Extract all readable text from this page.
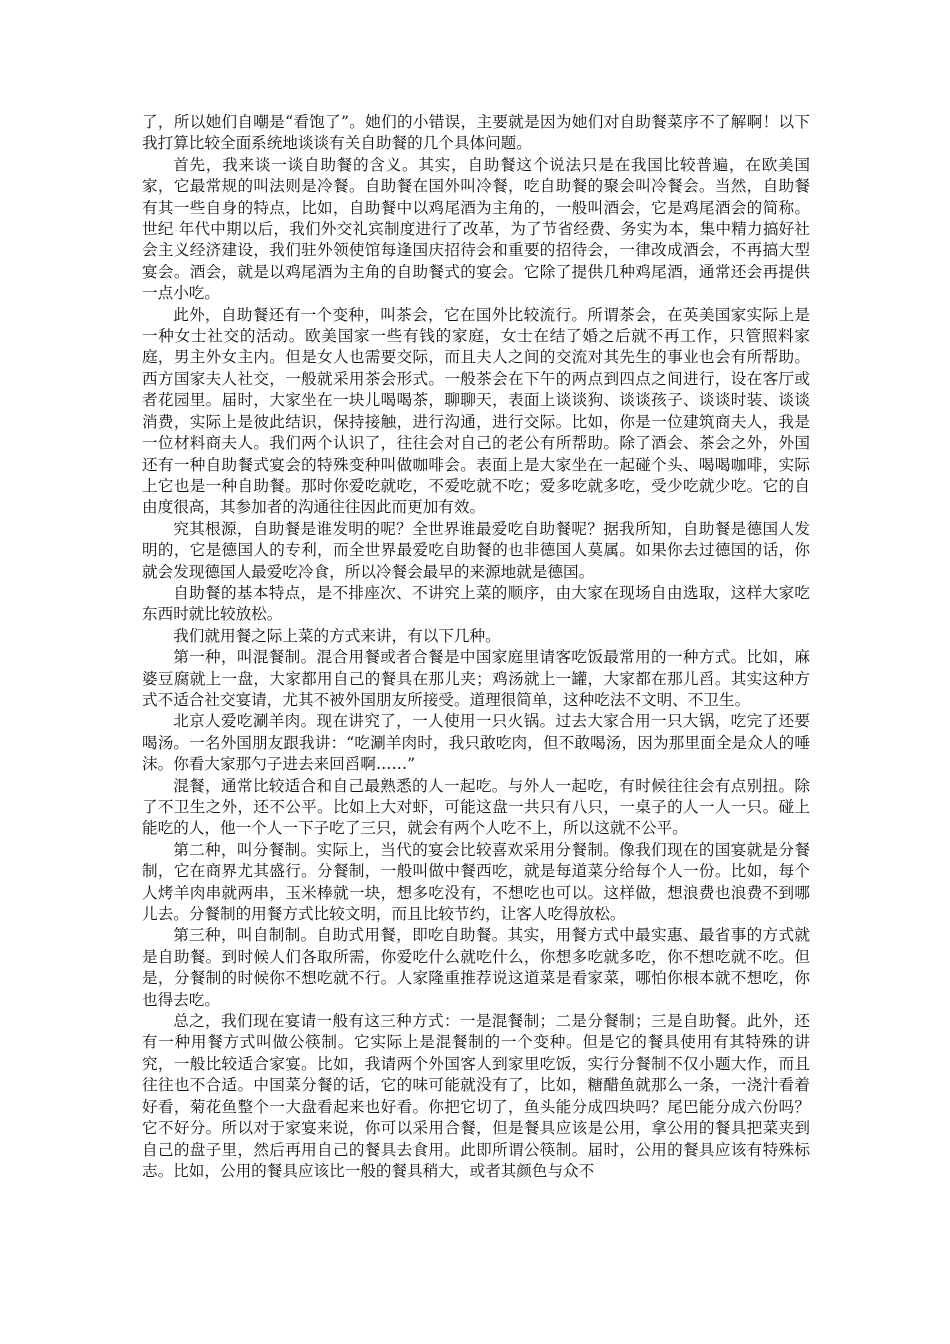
了，所以她们自嘲是“看饱了”。她们的小错误，主要就是因为她们对自助餐菜序不了解啊！以下我打算比较全面系统地谈谈有关自助餐的几个具体问题。

首先，我来谈一谈自助餐的含义。其实，自助餐这个说法只是在我国比较普遍，在欧美国家，它最常规的叫法则是冷餐。自助餐在国外叫冷餐，吃自助餐的聚会叫冷餐会。当然，自助餐有其一些自身的特点，比如，自助餐中以鸡尾酒为主角的，一般叫酒会，它是鸡尾酒会的简称。 世纪 年代中期以后，我们外交礼宾制度进行了改革，为了节省经费、务实为本，集中精力搞好社会主义经济建设，我们驻外领使馆每逢国庆招待会和重要的招待会，一律改成酒会，不再搞大型宴会。酒会，就是以鸡尾酒为主角的自助餐式的宴会。它除了提供几种鸡尾酒，通常还会再提供一点小吃。

此外，自助餐还有一个变种，叫茶会，它在国外比较流行。所谓茶会，在英美国家实际上是一种女士社交的活动。欧美国家一些有钱的家庭，女士在结了婚之后就不再工作，只管照料家庭，男主外女主内。但是女人也需要交际，而且夫人之间的交流对其先生的事业也会有所帮助。西方国家夫人社交，一般就采用茶会形式。一般茶会在下午的两点到四点之间进行，设在客厅或者花园里。届时，大家坐在一块儿喝喝茶，聊聊天，表面上谈谈狗、谈谈孩子、谈谈时装、谈谈消费，实际上是彼此结识，保持接触，进行沟通，进行交际。比如，你是一位建筑商夫人，我是一位材料商夫人。我们两个认识了，往往会对自己的老公有所帮助。除了酒会、茶会之外，外国还有一种自助餐式宴会的特殊变种叫做咖啡会。表面上是大家坐在一起碰个头、喝喝咖啡，实际上它也是一种自助餐。那时你爱吃就吃，不爱吃就不吃；爱多吃就多吃，受少吃就少吃。它的自由度很高，其参加者的沟通往往因此而更加有效。

究其根源，自助餐是谁发明的呢？全世界谁最爱吃自助餐呢？据我所知，自助餐是德国人发明的，它是德国人的专利，而全世界最爱吃自助餐的也非德国人莫属。如果你去过德国的话，你就会发现德国人最爱吃冷食，所以冷餐会最早的来源地就是德国。

自助餐的基本特点，是不排座次、不讲究上菜的顺序，由大家在现场自由选取，这样大家吃东西时就比较放松。

我们就用餐之际上菜的方式来讲，有以下几种。

第一种，叫混餐制。混合用餐或者合餐是中国家庭里请客吃饭最常用的一种方式。比如，麻婆豆腐就上一盘，大家都用自己的餐具在那儿夹；鸡汤就上一罐，大家都在那儿舀。其实这种方式不适合社交宴请，尤其不被外国朋友所接受。道理很简单，这种吃法不文明、不卫生。

北京人爱吃涮羊肉。现在讲究了，一人使用一只火锅。过去大家合用一只大锅，吃完了还要喝汤。一名外国朋友跟我讲：“吃涮羊肉时，我只敢吃肉，但不敢喝汤，因为那里面全是众人的唾沫。你看大家那勺子进去来回舀啊……”

混餐，通常比较适合和自己最熟悉的人一起吃。与外人一起吃，有时候往往会有点别扭。除了不卫生之外，还不公平。比如上大对虾，可能这盘一共只有八只，一桌子的人一人一只。碰上能吃的人，他一个人一下子吃了三只，就会有两个人吃不上，所以这就不公平。

第二种，叫分餐制。实际上，当代的宴会比较喜欢采用分餐制。像我们现在的国宴就是分餐制，它在商界尤其盛行。分餐制，一般叫做中餐西吃，就是每道菜分给每个人一份。比如，每个人烤羊肉串就两串，玉米棒就一块，想多吃没有，不想吃也可以。这样做，想浪费也浪费不到哪儿去。分餐制的用餐方式比较文明，而且比较节约，让客人吃得放松。

第三种，叫自制制。自助式用餐，即吃自助餐。其实，用餐方式中最实惠、最省事的方式就是自助餐。到时候人们各取所需，你爱吃什么就吃什么，你想多吃就多吃，你不想吃就不吃。但是，分餐制的时候你不想吃就不行。人家隆重推荐说这道菜是看家菜，哪怕你根本就不想吃，你也得去吃。

总之，我们现在宴请一般有这三种方式：一是混餐制；二是分餐制；三是自助餐。此外，还有一种用餐方式叫做公筷制。它实际上是混餐制的一个变种。但是它的餐具使用有其特殊的讲究，一般比较适合家宴。比如，我请两个外国客人到家里吃饭，实行分餐制不仅小题大作，而且往往也不合适。中国菜分餐的话，它的味可能就没有了，比如，糖醋鱼就那么一条，一浇汁看着好看，菊花鱼整个一大盘看起来也好看。你把它切了，鱼头能分成四块吗？尾巴能分成六份吗？它不好分。所以对于家宴来说，你可以采用合餐，但是餐具应该是公用，拿公用的餐具把菜夹到自己的盘子里，然后再用自己的餐具去食用。此即所谓公筷制。届时，公用的餐具应该有特殊标志。比如，公用的餐具应该比一般的餐具稍大，或者其颜色与众不
